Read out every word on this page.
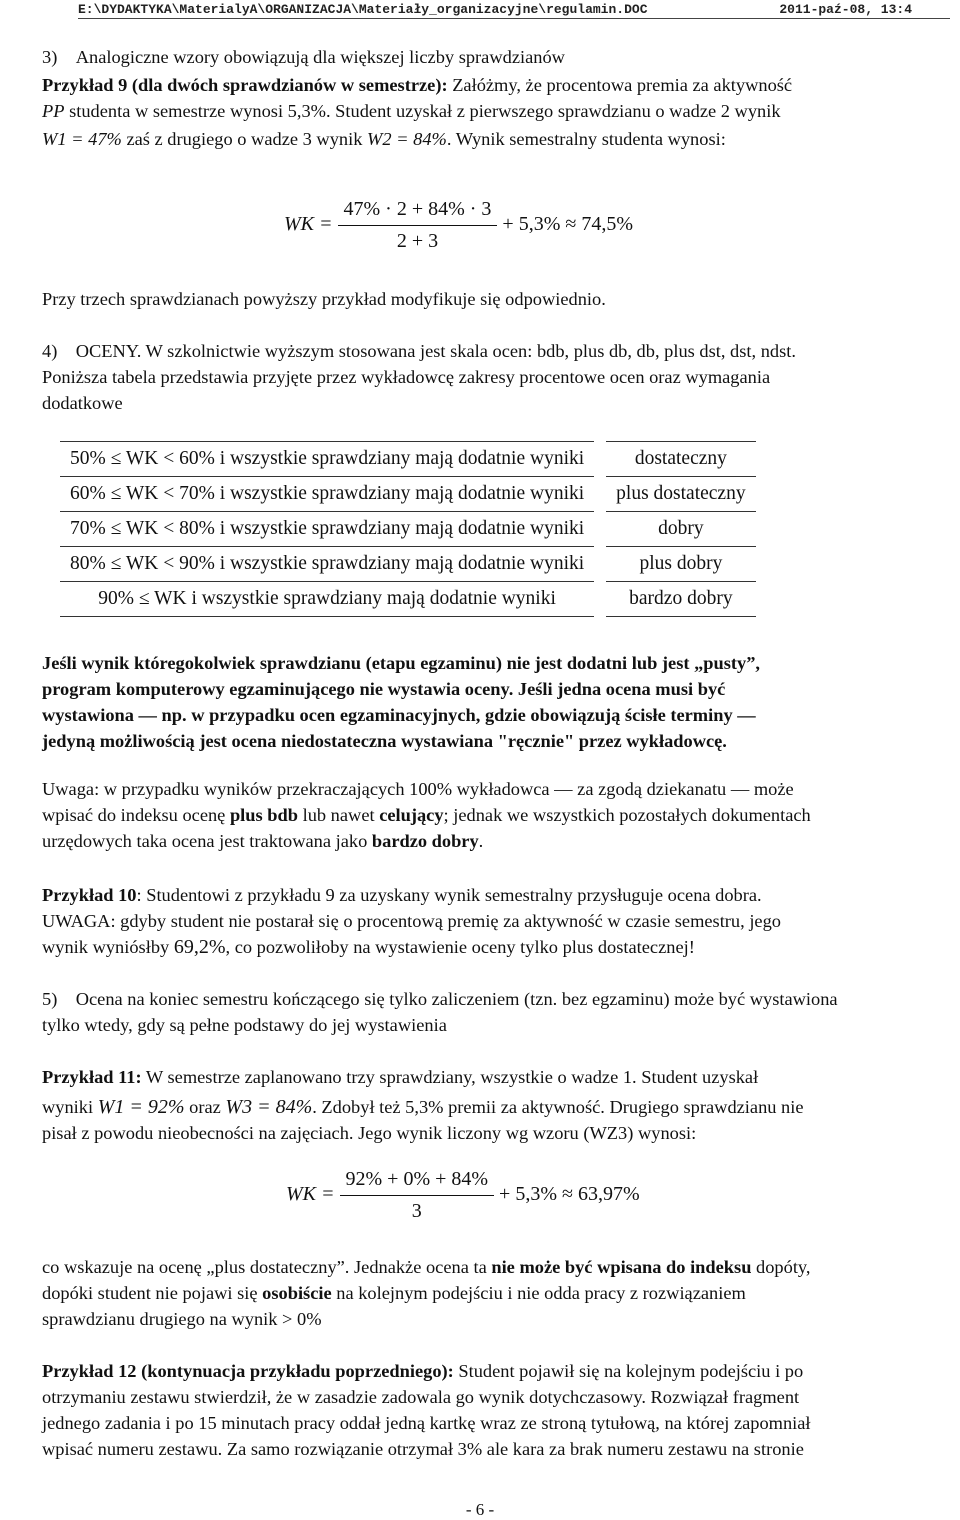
E:\DYDAKTYKA\MaterialyA\ORGANIZACJA\Materiały_organizacyjne\regulamin.DOC	2011-paź-08, 13:4
3) Analogiczne wzory obowiązują dla większej liczby sprawdzianów
Przykład 9 (dla dwóch sprawdzianów w semestrze): Załóżmy, że procentowa premia za aktywność
PP studenta w semestrze wynosi 5,3%. Student uzyskał z pierwszego sprawdzianu o wadze 2 wynik
W1 = 47% zaś z drugiego o wadze 3 wynik W2 = 84%. Wynik semestralny studenta wynosi:
WK = $\frac{47\% \cdot 2 + 84\% \cdot 3}{2 + 3} + 5,3\% \approx 74,5\%$
Przy trzech sprawdzianach powyższy przykład modyfikuje się odpowiednio.
4) OCENY. W szkolnictwie wyższym stosowana jest skala ocen: bdb, plus db, db, plus dst, dst, ndst.
Poniższa tabela przedstawia przyjęte przez wykładowcę zakresy procentowe ocen oraz wymagania
dodatkowe
50% ≤ WK < 60% i wszystkie sprawdziany mają dodatnie wyniki	dostateczny
60% ≤ WK < 70% i wszystkie sprawdziany mają dodatnie wyniki	plus dostateczny
70% ≤ WK < 80% i wszystkie sprawdziany mają dodatnie wyniki	dobry
80% ≤ WK < 90% i wszystkie sprawdziany mają dodatnie wyniki	plus dobry
90% ≤ WK i wszystkie sprawdziany mają dodatnie wyniki	bardzo dobry
Jeśli wynik któregokolwiek sprawdzianu (etapu egzaminu) nie jest dodatni lub jest „pusty”,
program komputerowy egzaminującego nie wystawia oceny. Jeśli jedna ocena musi być
wystawiona — np. w przypadku ocen egzaminacyjnych, gdzie obowiązują ścisłe terminy —
jedyną możliwością jest ocena niedostateczna wystawiana "ręcznie" przez wykładowcę.
Uwaga: w przypadku wyników przekraczających 100% wykładowca — za zgodą dziekanatu — może
wpisać do indeksu ocenę plus bdb lub nawet celujący; jednak we wszystkich pozostałych dokumentach
urzędowych taka ocena jest traktowana jako bardzo dobry.
Przykład 10: Studentowi z przykładu 9 za uzyskany wynik semestralny przysługuje ocena dobra.
UWAGA: gdyby student nie postarał się o procentową premię za aktywność w czasie semestru, jego
wynik wyniósłby 69,2%, co pozwoliłoby na wystawienie oceny tylko plus dostatecznej!
5) Ocena na koniec semestru kończącego się tylko zaliczeniem (tzn. bez egzaminu) może być wystawiona
tylko wtedy, gdy są pełne podstawy do jej wystawienia
Przykład 11: W semestrze zaplanowano trzy sprawdziany, wszystkie o wadze 1. Student uzyskał
wyniki W1 = 92% oraz W3 = 84%. Zdobył też 5,3% premii za aktywność. Drugiego sprawdzianu nie
pisał z powodu nieobecności na zajęciach. Jego wynik liczony wg wzoru (WZ3) wynosi:
WK = $\frac{92\% + 0\% + 84\%}{3} + 5,3\% \approx 63,97\%$
co wskazuje na ocenę „plus dostateczny”. Jednakże ocena ta nie może być wpisana do indeksu dopóty,
dopóki student nie pojawi się osobiście na kolejnym podejściu i nie odda pracy z rozwiązaniem
sprawdzianu drugiego na wynik > 0%
Przykład 12 (kontynuacja przykładu poprzedniego): Student pojawił się na kolejnym podejściu i po
otrzymaniu zestawu stwierdził, że w zasadzie zadowala go wynik dotychczasowy. Rozwiązał fragment
jednego zadania i po 15 minutach pracy oddał jedną kartkę wraz ze stroną tytułową, na której zapomniał
wpisać numeru zestawu. Za samo rozwiązanie otrzymał 3% ale kara za brak numeru zestawu na stronie
- 6 -
